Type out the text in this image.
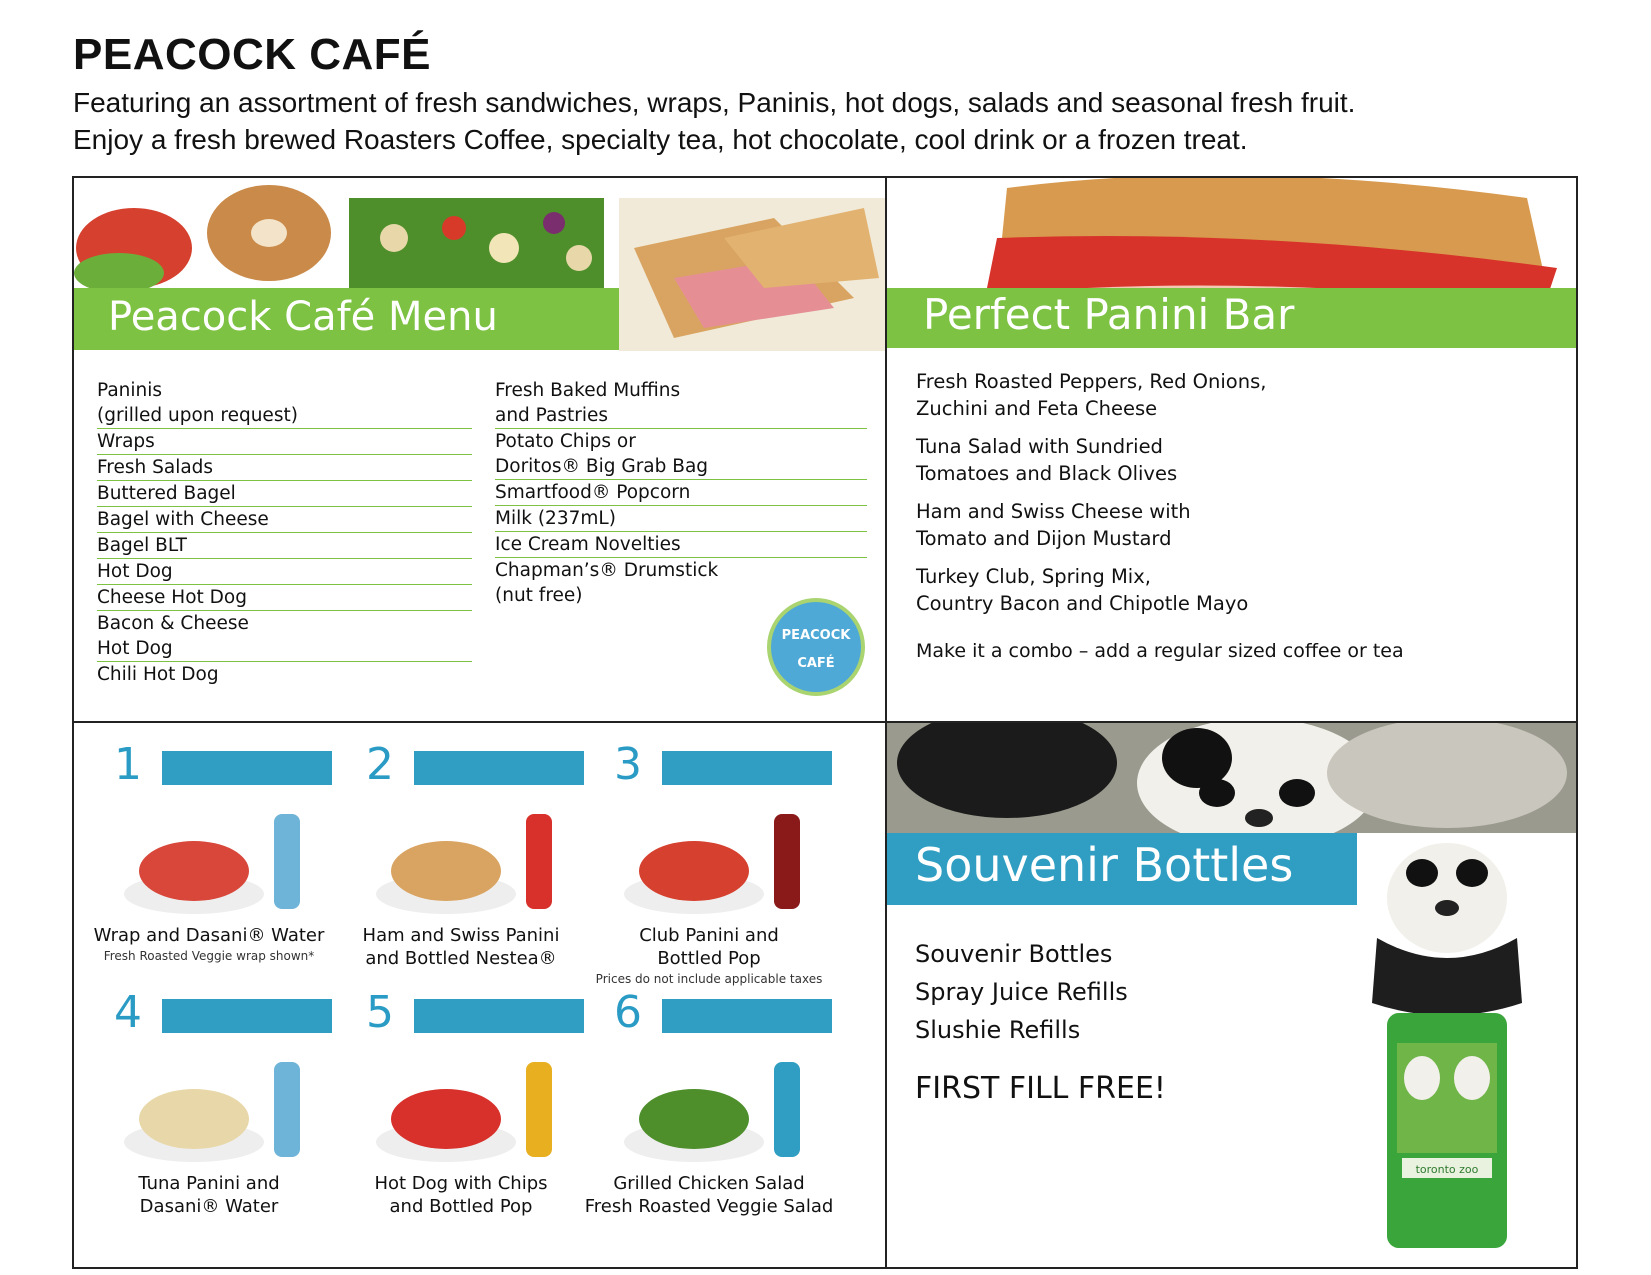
PEACOCK CAFÉ
Featuring an assortment of fresh sandwiches, wraps, Paninis, hot dogs, salads and seasonal fresh fruit.
Enjoy a fresh brewed Roasters Coffee, specialty tea, hot chocolate, cool drink or a frozen treat.
Peacock Café Menu
Paninis
(grilled upon request)
Wraps
Fresh Salads
Buttered Bagel
Bagel with Cheese
Bagel BLT
Hot Dog
Cheese Hot Dog
Bacon & Cheese
Hot Dog
Chili Hot Dog
Fresh Baked Muffins
and Pastries
Potato Chips or
Doritos® Big Grab Bag
Smartfood® Popcorn
Milk (237mL)
Ice Cream Novelties
Chapman’s® Drumstick
(nut free)
PEACOCK
CAFÉ
Perfect Panini Bar
Fresh Roasted Peppers, Red Onions,
Zuchini and Feta Cheese
Tuna Salad with Sundried
Tomatoes and Black Olives
Ham and Swiss Cheese with
Tomato and Dijon Mustard
Turkey Club, Spring Mix,
Country Bacon and Chipotle Mayo
Make it a combo – add a regular sized coffee or tea
1
Wrap and Dasani® Water
Fresh Roasted Veggie wrap shown*
2
Ham and Swiss Panini
and Bottled Nestea®
3
Club Panini and
Bottled Pop
Prices do not include applicable taxes
4
Tuna Panini and
Dasani® Water
5
Hot Dog with Chips
and Bottled Pop
6
Grilled Chicken Salad
Fresh Roasted Veggie Salad
Souvenir Bottles
Souvenir Bottles
Spray Juice Refills
Slushie Refills
FIRST FILL FREE!
toronto zoo
